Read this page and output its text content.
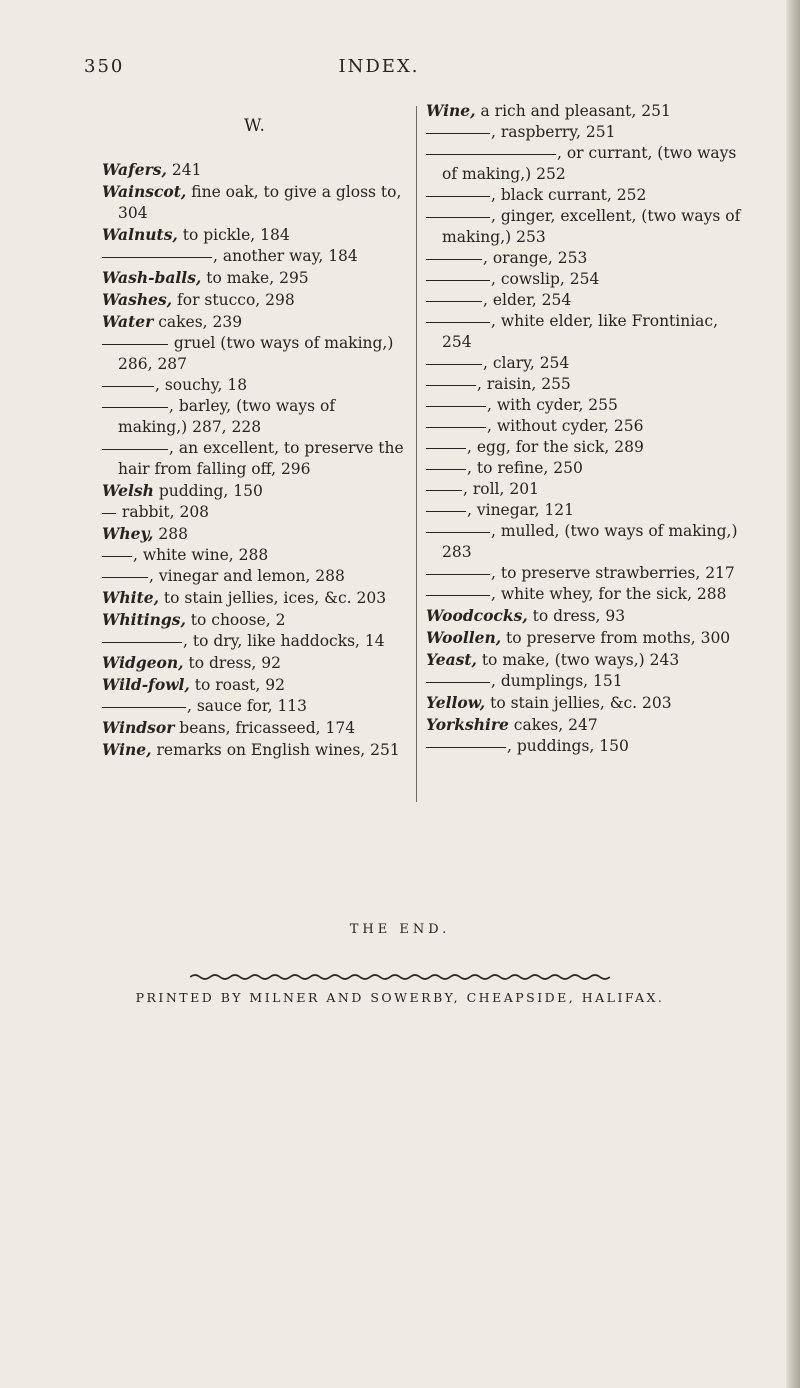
350	INDEX.
W.
Wafers, 241
Wainscot, fine oak, to give a gloss to, 304
Walnuts, to pickle, 184
, another way, 184
Wash-balls, to make, 295
Washes, for stucco, 298
Water cakes, 239
gruel (two ways of making,) 286, 287
, souchy, 18
, barley, (two ways of making,) 287, 228
, an excellent, to preserve the hair from falling off, 296
Welsh pudding, 150
rabbit, 208
Whey, 288
, white wine, 288
, vinegar and lemon, 288
White, to stain jellies, ices, &c. 203
Whitings, to choose, 2
, to dry, like haddocks, 14
Widgeon, to dress, 92
Wild-fowl, to roast, 92
, sauce for, 113
Windsor beans, fricasseed, 174
Wine, remarks on English wines, 251
Wine, a rich and pleasant, 251
, raspberry, 251
, or currant, (two ways of making,) 252
, black currant, 252
, ginger, excellent, (two ways of making,) 253
, orange, 253
, cowslip, 254
, elder, 254
, white elder, like Frontiniac, 254
, clary, 254
, raisin, 255
, with cyder, 255
, without cyder, 256
, egg, for the sick, 289
, to refine, 250
, roll, 201
, vinegar, 121
, mulled, (two ways of making,) 283
, to preserve strawberries, 217
, white whey, for the sick, 288
Woodcocks, to dress, 93
Woollen, to preserve from moths, 300
Yeast, to make, (two ways,) 243
, dumplings, 151
Yellow, to stain jellies, &c. 203
Yorkshire cakes, 247
, puddings, 150
THE END.
PRINTED BY MILNER AND SOWERBY, CHEAPSIDE, HALIFAX.
